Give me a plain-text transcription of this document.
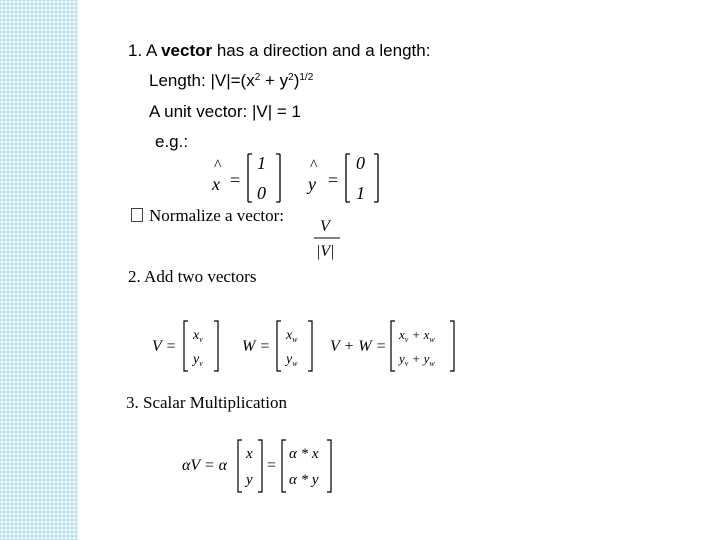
1. A vector has a direction and a length:
Length: $|V|=(x^2 + y^2)^{1/2}$
A unit vector: |V| = 1
e.g.:
^
x =
1
0
^
y =
0
1
Normalize a vector:
V
|V|
2. Add two vectors
V =
$x_v$
$y_v$
W =
$x_w$
$y_w$
V + W =
$x_v + x_w$
$y_v + y_w$
3. Scalar Multiplication
αV = α
x
y
=
α * x
α * y
